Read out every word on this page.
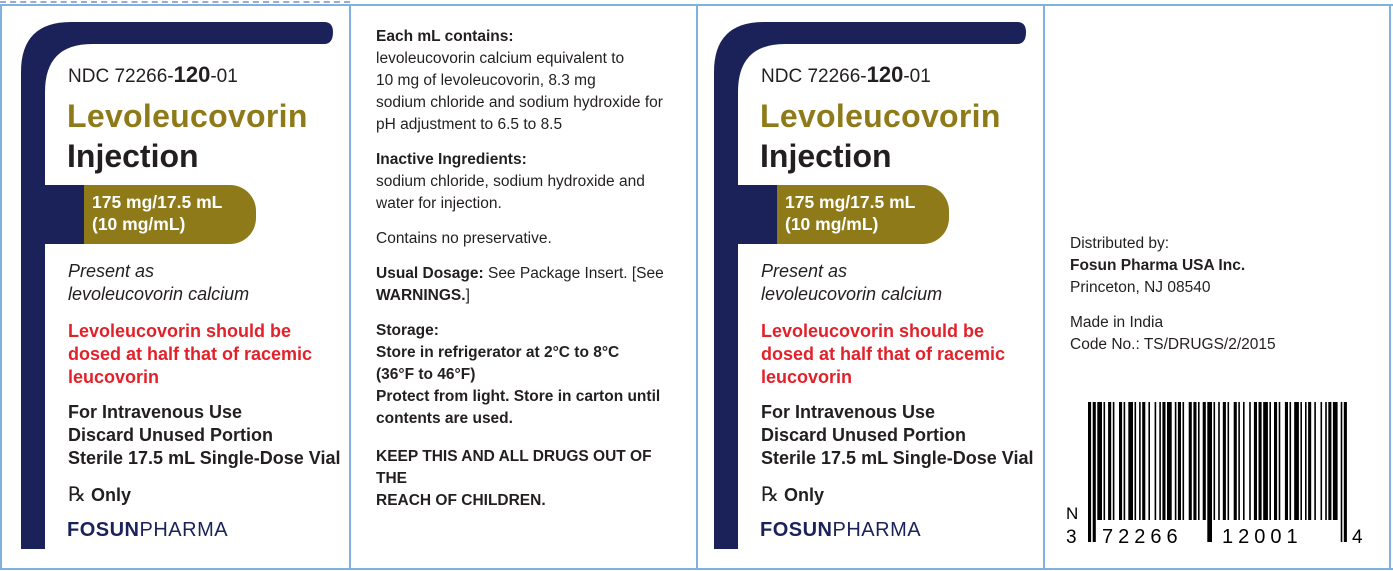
NDC 72266-120-01
Levoleucovorin
Injection
175 mg/17.5 mL
(10 mg/mL)
Present as
levoleucovorin calcium
Levoleucovorin should be
dosed at half that of racemic
leucovorin
For Intravenous Use
Discard Unused Portion
Sterile 17.5 mL Single-Dose Vial
℞ Only
FOSUNPHARMA

Each mL contains:
levoleucovorin calcium equivalent to
10 mg of levoleucovorin, 8.3 mg
sodium chloride and sodium hydroxide for
pH adjustment to 6.5 to 8.5

Inactive Ingredients:
sodium chloride, sodium hydroxide and
water for injection.

Contains no preservative.

Usual Dosage: See Package Insert. [See
WARNINGS.]

Storage:
Store in refrigerator at 2°C to 8°C
(36°F to 46°F)
Protect from light. Store in carton until
contents are used.

KEEP THIS AND ALL DRUGS OUT OF THE
REACH OF CHILDREN.

NDC 72266-120-01
Levoleucovorin
Injection
175 mg/17.5 mL
(10 mg/mL)
Present as
levoleucovorin calcium
Levoleucovorin should be
dosed at half that of racemic
leucovorin
For Intravenous Use
Discard Unused Portion
Sterile 17.5 mL Single-Dose Vial
℞ Only
FOSUNPHARMA

Distributed by:
Fosun Pharma USA Inc.
Princeton, NJ 08540

Made in India
Code No.: TS/DRUGS/2/2015

N
3 72266 12001	4
